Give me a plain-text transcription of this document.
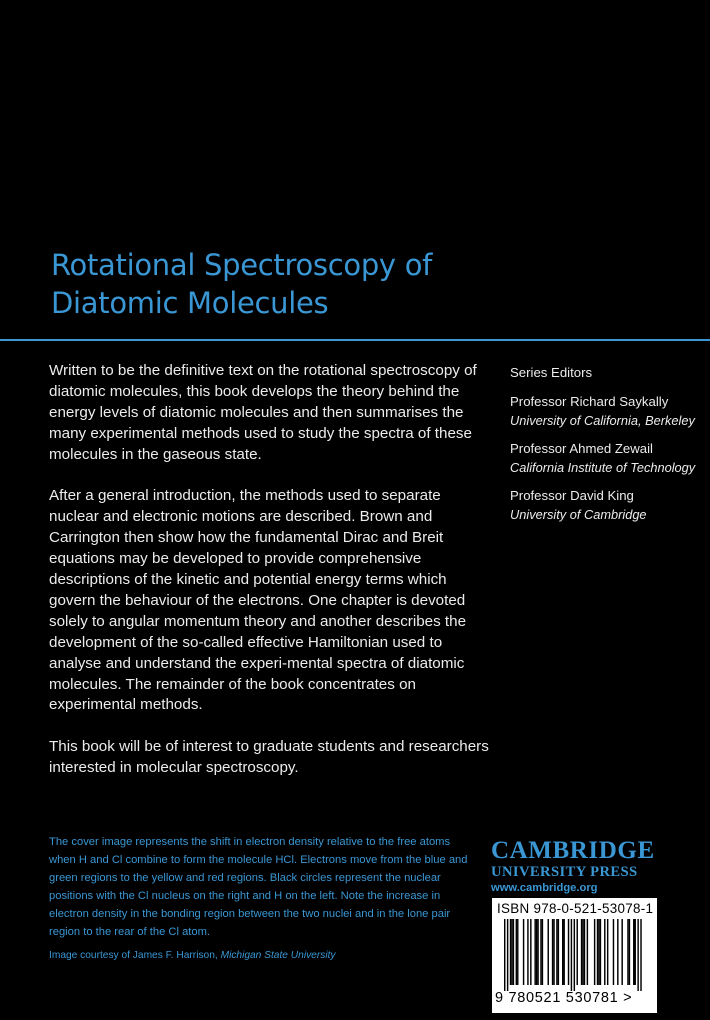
Rotational Spectroscopy of
Diatomic Molecules

Written to be the definitive text on the rotational spectroscopy of diatomic molecules, this book develops the theory behind the energy levels of diatomic molecules and then summarises the many experimental methods used to study the spectra of these molecules in the gaseous state.

After a general introduction, the methods used to separate nuclear and electronic motions are described. Brown and Carrington then show how the fundamental Dirac and Breit equations may be developed to provide comprehensive descriptions of the kinetic and potential energy terms which govern the behaviour of the electrons. One chapter is devoted solely to angular momentum theory and another describes the development of the so-called effective Hamiltonian used to analyse and understand the experi-mental spectra of diatomic molecules. The remainder of the book concentrates on experimental methods.

This book will be of interest to graduate students and researchers interested in molecular spectroscopy.

Series Editors
Professor Richard Saykally
University of California, Berkeley
Professor Ahmed Zewail
California Institute of Technology
Professor David King
University of Cambridge
The cover image represents the shift in electron density relative to the free atoms when H and Cl combine to form the molecule HCl. Electrons move from the blue and green regions to the yellow and red regions. Black circles represent the nuclear positions with the Cl nucleus on the right and H on the left. Note the increase in electron density in the bonding region between the two nuclei and in the lone pair region to the rear of the Cl atom.
Image courtesy of James F. Harrison, Michigan State University
CAMBRIDGE
UNIVERSITY PRESS
www.cambridge.org
ISBN 978-0-521-53078-1
9 780521 530781 >
